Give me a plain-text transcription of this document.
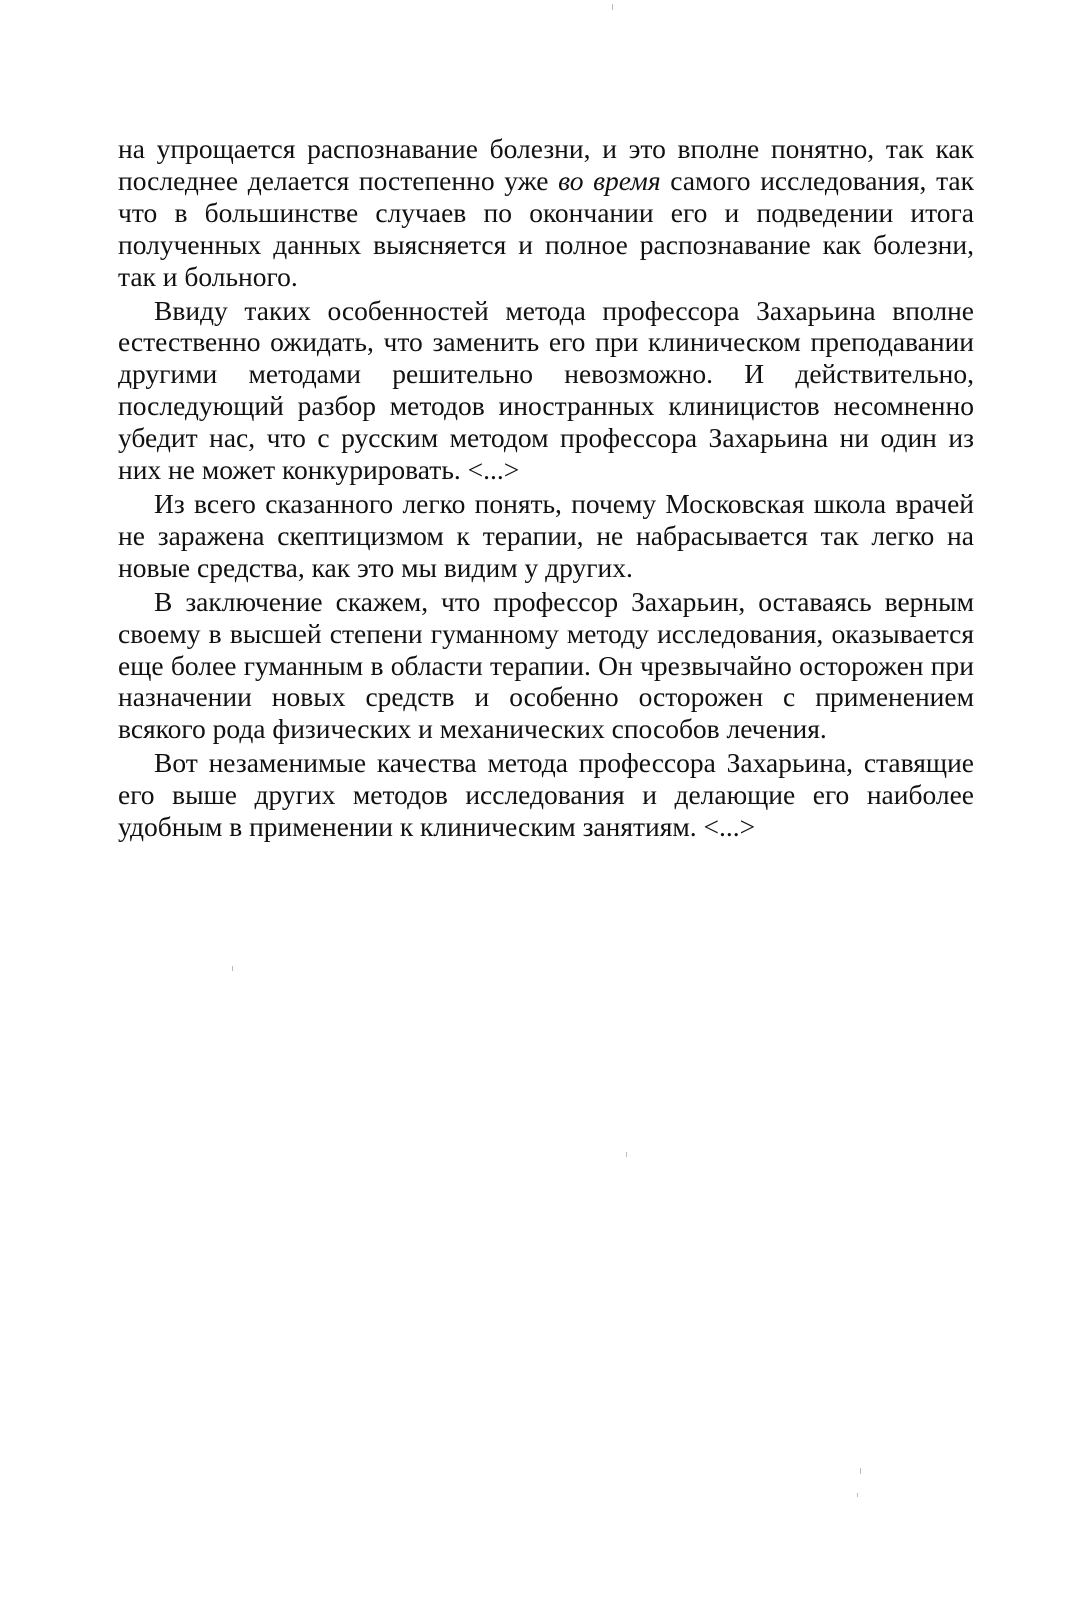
на упрощается распознавание болезни, и это вполне понятно, так как последнее делается постепенно уже во время самого исследования, так что в большинстве случаев по окончании его и подведении итога полученных данных выясняется и полное распознавание как болезни, так и больного.

Ввиду таких особенностей метода профессора Захарьина вполне естественно ожидать, что заменить его при клиническом преподавании другими методами решительно невозможно. И действительно, последующий разбор методов иностранных клиницистов несомненно убедит нас, что с русским методом профессора Захарьина ни один из них не может конкурировать. <...>

Из всего сказанного легко понять, почему Московская школа врачей не заражена скептицизмом к терапии, не набрасывается так легко на новые средства, как это мы видим у других.

В заключение скажем, что профессор Захарьин, оставаясь верным своему в высшей степени гуманному методу исследования, оказывается еще более гуманным в области терапии. Он чрезвычайно осторожен при назначении новых средств и особенно осторожен с применением всякого рода физических и механических способов лечения.

Вот незаменимые качества метода профессора Захарьина, ставящие его выше других методов исследования и делающие его наиболее удобным в применении к клиническим занятиям. <...>
